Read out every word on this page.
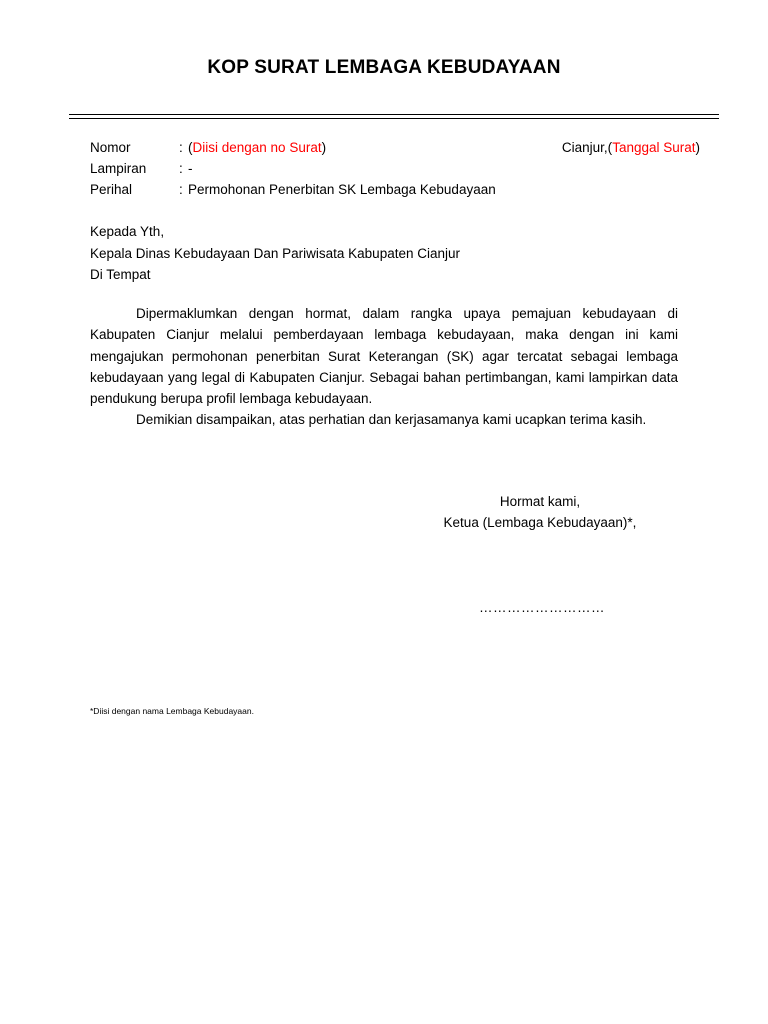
KOP SURAT LEMBAGA KEBUDAYAAN
Nomor	: (Diisi dengan no Surat)	Cianjur,(Tanggal Surat)
Lampiran : -
Perihal	: Permohonan Penerbitan SK Lembaga Kebudayaan
Kepada Yth,
Kepala Dinas Kebudayaan Dan Pariwisata Kabupaten Cianjur
Di Tempat

Dipermaklumkan dengan hormat, dalam rangka upaya pemajuan kebudayaan di Kabupaten Cianjur melalui pemberdayaan lembaga kebudayaan, maka dengan ini kami mengajukan permohonan penerbitan Surat Keterangan (SK) agar tercatat sebagai lembaga kebudayaan yang legal di Kabupaten Cianjur. Sebagai bahan pertimbangan, kami lampirkan data pendukung berupa profil lembaga kebudayaan.

Demikian disampaikan, atas perhatian dan kerjasamanya kami ucapkan terima kasih.

Hormat kami,
Ketua (Lembaga Kebudayaan)*,
………………………
*Diisi dengan nama Lembaga Kebudayaan.
